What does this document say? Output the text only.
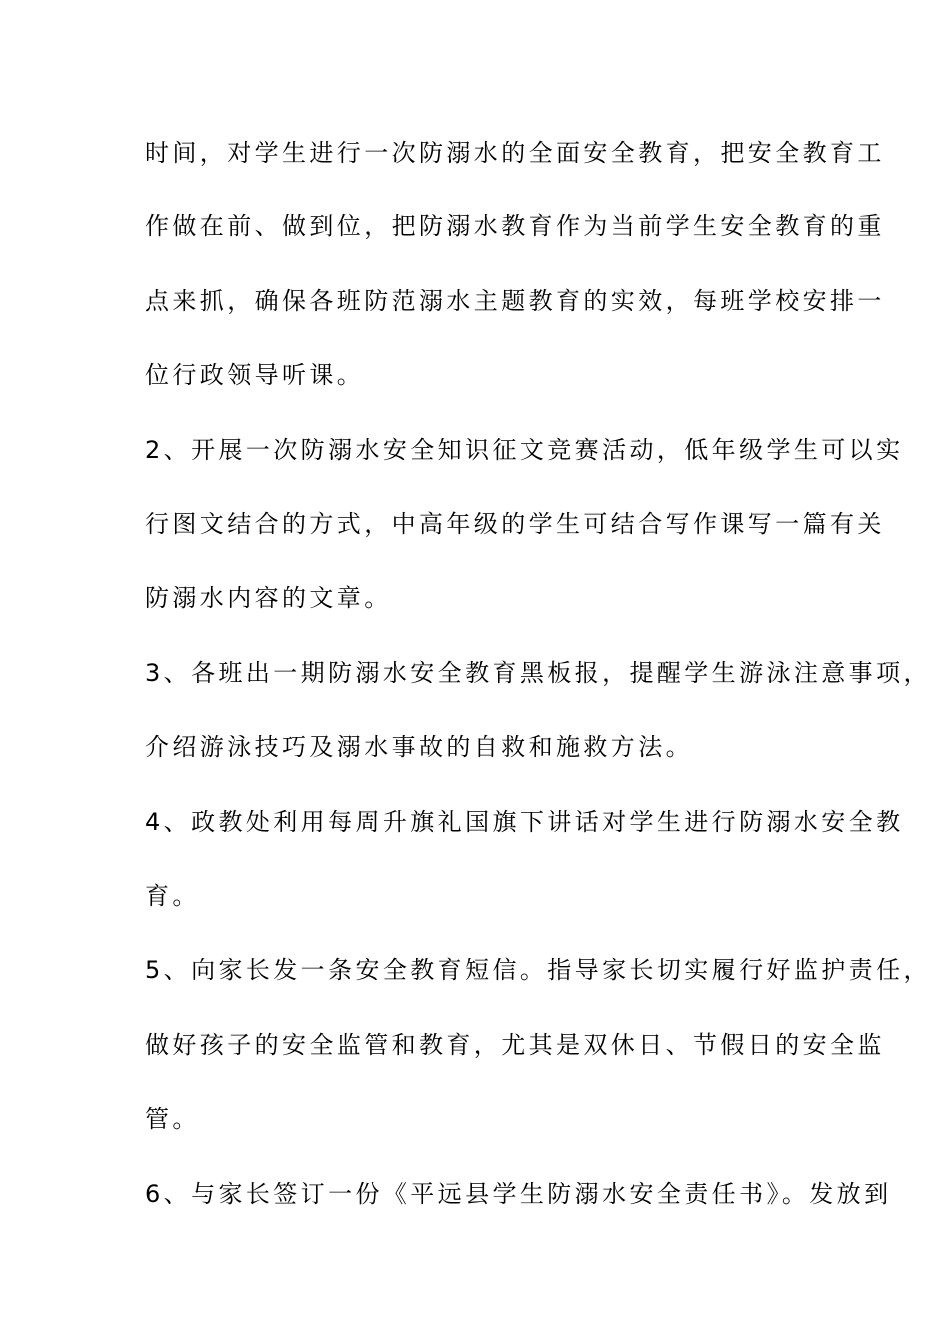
时间，对学生进行一次防溺水的全面安全教育，把安全教育工
作做在前、做到位，把防溺水教育作为当前学生安全教育的重
点来抓，确保各班防范溺水主题教育的实效，每班学校安排一
位行政领导听课。
2、开展一次防溺水安全知识征文竞赛活动，低年级学生可以实
行图文结合的方式，中高年级的学生可结合写作课写一篇有关
防溺水内容的文章。
3、各班出一期防溺水安全教育黑板报，提醒学生游泳注意事项，
介绍游泳技巧及溺水事故的自救和施救方法。
4、政教处利用每周升旗礼国旗下讲话对学生进行防溺水安全教
育。
5、向家长发一条安全教育短信。指导家长切实履行好监护责任，
做好孩子的安全监管和教育，尤其是双休日、节假日的安全监
管。
6、与家长签订一份《平远县学生防溺水安全责任书》。发放到
